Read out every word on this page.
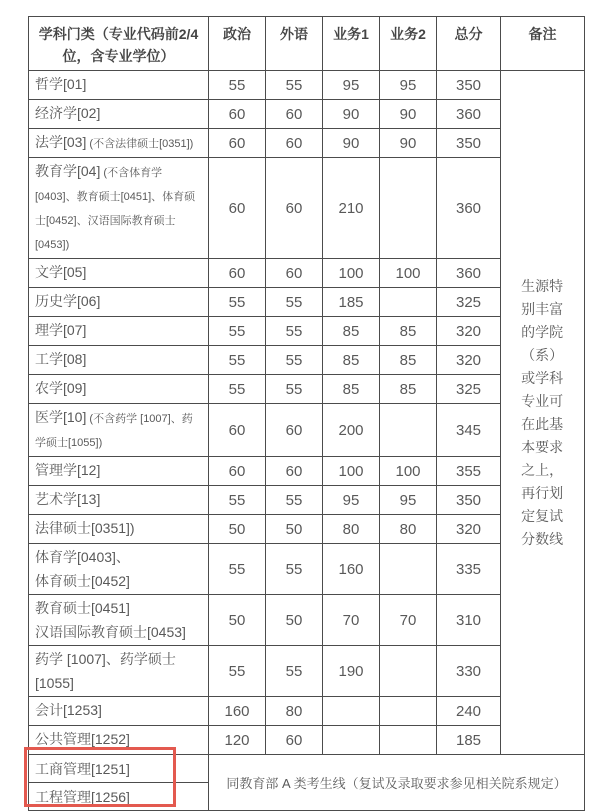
学科门类（专业代码前2/4位，含专业学位）	政治	外语	业务1	业务2	总分	备注
哲学[01]	55	55	95	95	350	生源特别丰富的学院（系）或学科专业可在此基本要求之上，再行划定复试分数线

经济学[02]	60	60	90	90	360	
法学[03] (不含法律硕士[0351])	60	60	90	90	350	
教育学[04] (不含体育学[0403]、教育硕士[0451]、体育硕士[0452]、汉语国际教育硕士[0453])	60	60	210		360	
文学[05]	60	60	100	100	360	
历史学[06]	55	55	185		325	
理学[07]	55	55	85	85	320	
工学[08]	55	55	85	85	320	
农学[09]	55	55	85	85	325	
医学[10] (不含药学 [1007]、药学硕士[1055])	60	60	200		345	
管理学[12]	60	60	100	100	355	
艺术学[13]	55	55	95	95	350	
法律硕士[0351])	50	50	80	80	320	
体育学[0403]、
体育硕士[0452]	55	55	160		335	
教育硕士[0451]
汉语国际教育硕士[0453]	50	50	70	70	310	
药学 [1007]、药学硕士
[1055]	55	55	190		330	
会计[1253]	160	80			240	
公共管理[1252]	120	60			185	
工商管理[1251]	同教育部 A 类考生线（复试及录取要求参见相关院系规定）					
工程管理[1256]						
